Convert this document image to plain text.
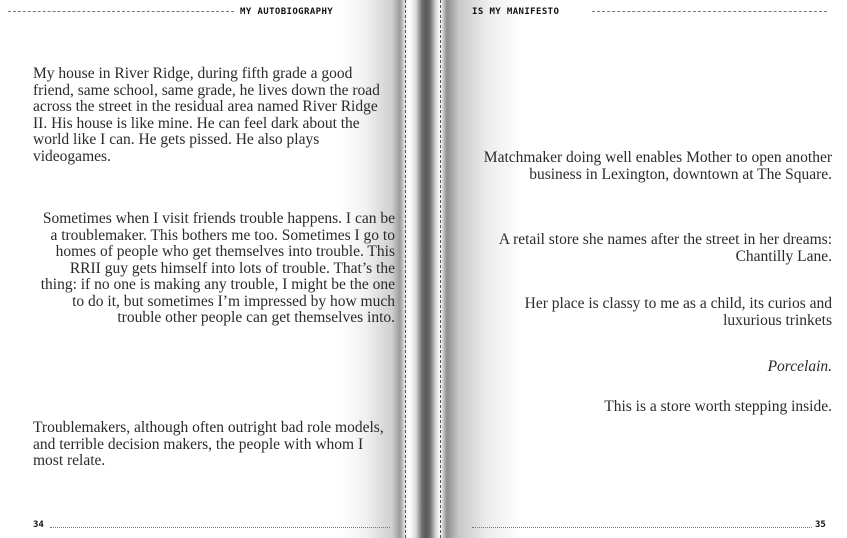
MY AUTOBIOGRAPHY
My house in River Ridge, during fifth grade a good friend, same school, same grade, he lives down the road across the street in the residual area named River Ridge II. His house is like mine. He can feel dark about the world like I can. He gets pissed. He also plays videogames.
Sometimes when I visit friends trouble happens. I can be a troublemaker. This bothers me too. Sometimes I go to homes of people who get themselves into trouble. This RRII guy gets himself into lots of trouble. That’s the thing: if no one is making any trouble, I might be the one to do it, but sometimes I’m impressed by how much trouble other people can get themselves into.
Troublemakers, although often outright bad role models, and terrible decision makers, the people with whom I most relate.
34
IS MY MANIFESTO
35
Matchmaker doing well enables Mother to open another business in Lexington, downtown at The Square.
A retail store she names after the street in her dreams: Chantilly Lane.
Her place is classy to me as a child, its curios and luxurious trinkets
Porcelain.
This is a store worth stepping inside.
